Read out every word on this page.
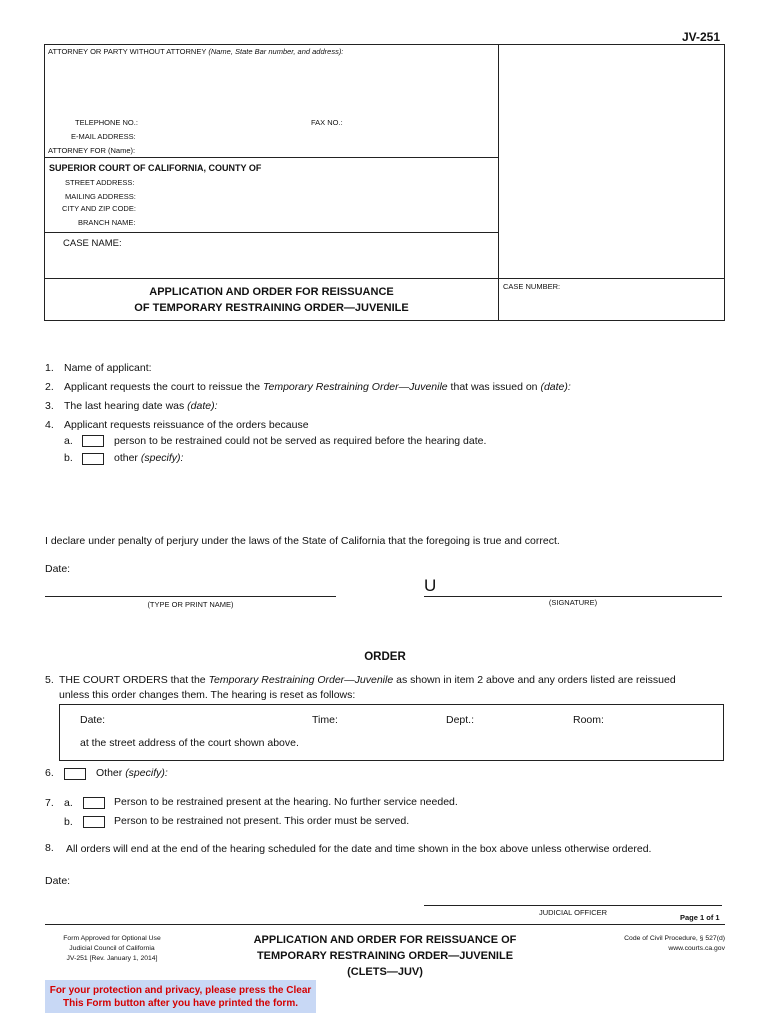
JV-251
ATTORNEY OR PARTY WITHOUT ATTORNEY (Name, State Bar number, and address):
TELEPHONE NO.:	FAX NO.:
E-MAIL ADDRESS:
ATTORNEY FOR (Name):
SUPERIOR COURT OF CALIFORNIA, COUNTY OF
STREET ADDRESS:
MAILING ADDRESS:
CITY AND ZIP CODE:
BRANCH NAME:
CASE NAME:
APPLICATION AND ORDER FOR REISSUANCE
OF TEMPORARY RESTRAINING ORDER—JUVENILE
CASE NUMBER:
1. Name of applicant:
2. Applicant requests the court to reissue the Temporary Restraining Order—Juvenile that was issued on (date):
3. The last hearing date was (date):
4. Applicant requests reissuance of the orders because
a.	person to be restrained could not be served as required before the hearing date.
b.	other (specify):
I declare under penalty of perjury under the laws of the State of California that the foregoing is true and correct.
Date:
(TYPE OR PRINT NAME)
U
(SIGNATURE)
ORDER
5. THE COURT ORDERS that the Temporary Restraining Order—Juvenile as shown in item 2 above and any orders listed are reissued
unless this order changes them. The hearing is reset as follows:
Date:	Time:	Dept.:	Room:
at the street address of the court shown above.
6.	Other (specify):
7. a.	Person to be restrained present at the hearing. No further service needed.
b.	Person to be restrained not present. This order must be served.
8. All orders will end at the end of the hearing scheduled for the date and time shown in the box above unless otherwise ordered.
Date:
JUDICIAL OFFICER
Page 1 of 1
Form Approved for Optional Use
Judicial Council of California
JV-251 [Rev. January 1, 2014]
APPLICATION AND ORDER FOR REISSUANCE OF
TEMPORARY RESTRAINING ORDER—JUVENILE
(CLETS—JUV)
Code of Civil Procedure, § 527(d)
www.courts.ca.gov
For your protection and privacy, please press the Clear
This Form button after you have printed the form.
